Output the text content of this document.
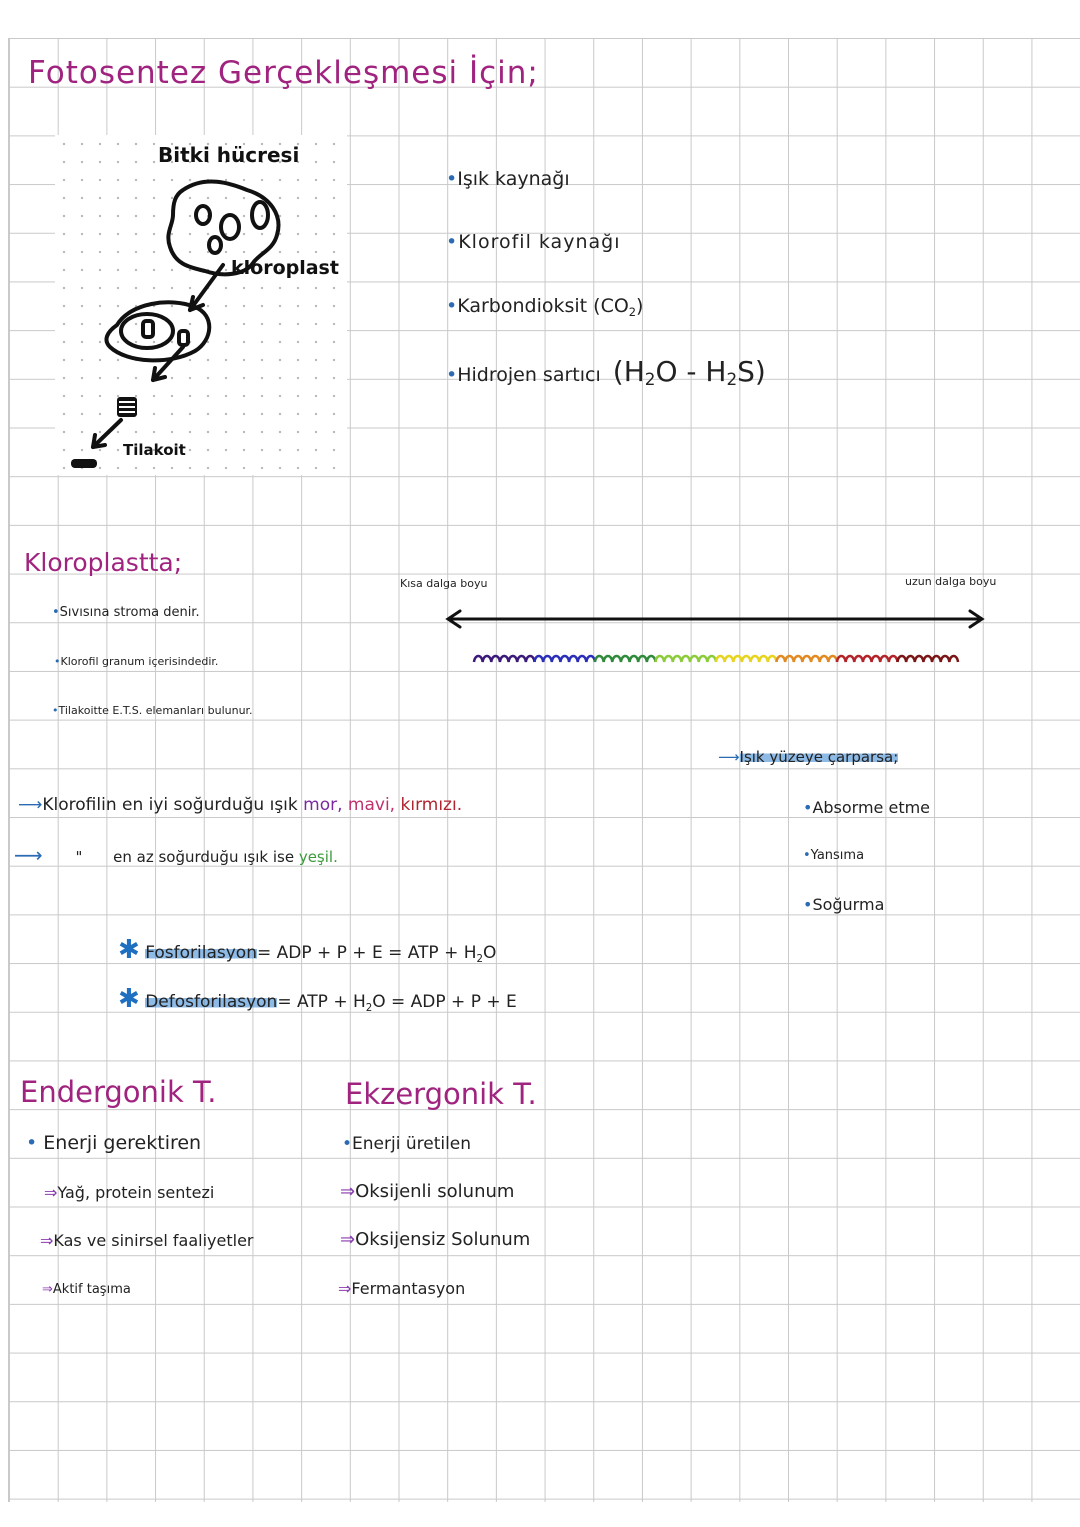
Fotosentez Gerçekleşmesi İçin;
Bitki hücresi
kloroplast
Tilakoit
•Işık kaynağı
•Klorofil kaynağı
•Karbondioksit $(CO_2)$
•Hidrojen sartıcı $(H_2O - H_2S)$
Kloroplastta;
•Sıvısına stroma denir.
•Klorofil granum içerisindedir.
•Tilakoitte E.T.S. elemanları bulunur.
Kısa dalga boyu	uzun dalga boyu
⟶Işık yüzeye çarparsa;
•Absorme etme
•Yansıma
•Soğurma
⟶Klorofilin en iyi soğurduğu ışık mor, mavi, kırmızı.
⟶ " en az soğurduğu ışık ise yeşil.
✱ Fosforilasyon= ADP + P + E = ATP + $H_2O$
✱ Defosforilasyon= ATP + $H_2O$ = ADP + P + E
Endergonik T.
• Enerji gerektiren
⇒Yağ, protein sentezi
⇒Kas ve sinirsel faaliyetler
⇒Aktif taşıma
Ekzergonik T.
•Enerji üretilen
⇒Oksijenli solunum
⇒Oksijensiz Solunum
⇒Fermantasyon
